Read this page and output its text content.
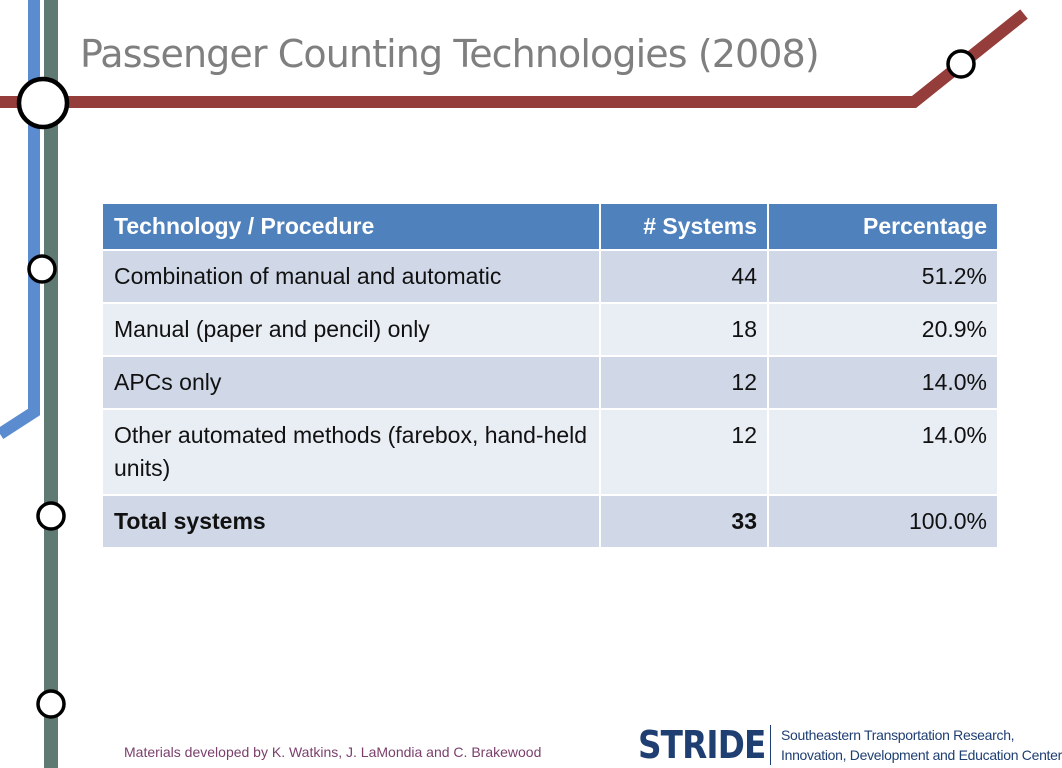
Passenger Counting Technologies (2008)
Technology / Procedure	# Systems	Percentage
Combination of manual and automatic	44	51.2%
Manual (paper and pencil) only	18	20.9%
APCs only	12	14.0%
Other automated methods (farebox, hand-held units)	12	14.0%
Total systems	33	100.0%
Materials developed by K. Watkins, J. LaMondia and C. Brakewood	STRIDE Southeastern Transportation Research,
Innovation, Development and Education Center
